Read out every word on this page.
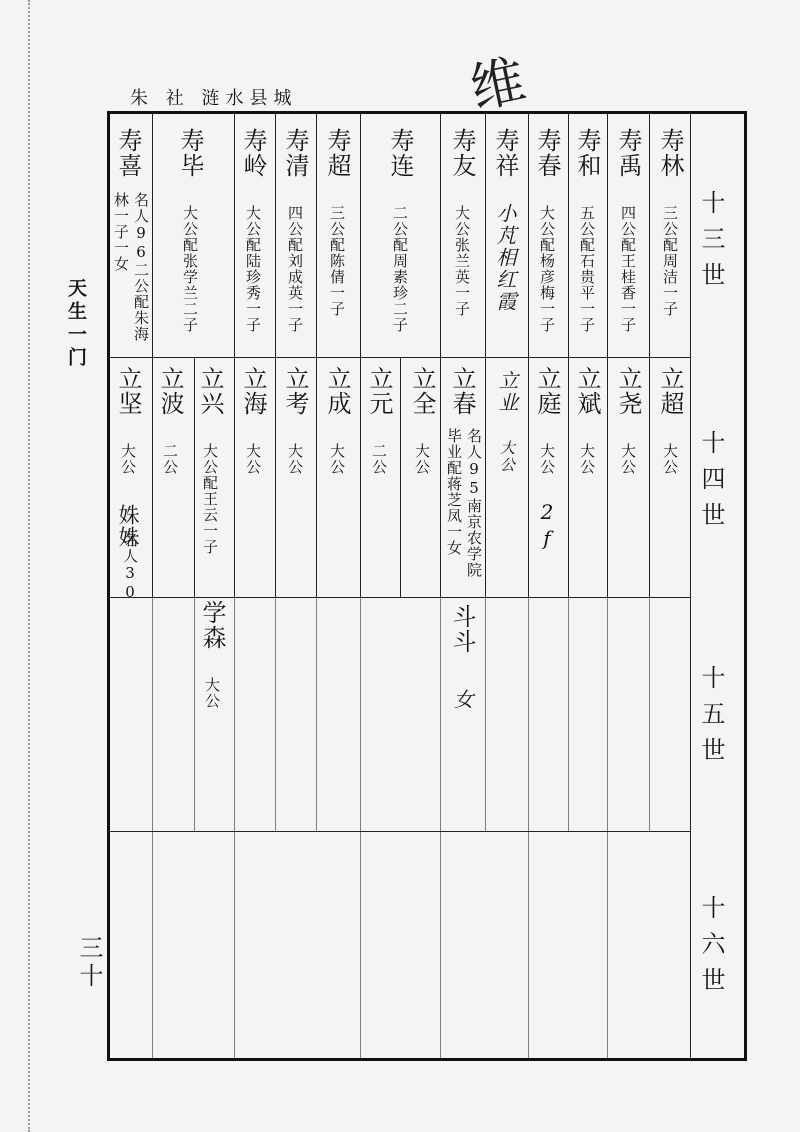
朱 社 涟水县城	维
天生一门
三十
十三世
十四世
十五世
十六世
寿林 三公配周洁一子
寿禹 四公配王桂香一子
寿和 五公配石贵平一子
寿春 大公配杨彦梅一子
寿祥 小芃相红霞
寿友 大公张兰英一子
寿连 二公配周素珍二子
寿超 三公配陈倩一子
寿清 四公配刘成英一子
寿岭 大公配陆珍秀一子
寿毕 大公配张学兰二子
寿喜
名人96二公配朱海
林一子一女
立超 大公
立尧 大公
立斌 大公
立庭 大公 2f
立业 大公
立春
名人95南京农学院
毕业配蒋芝凤一女
立全 大公
立元 二公
立成 大公
立考 大公
立海 大公
立兴 大公配王云一子
立波 二公
立坚 大公 姝姝
名人30
斗斗 女
学森 大公
